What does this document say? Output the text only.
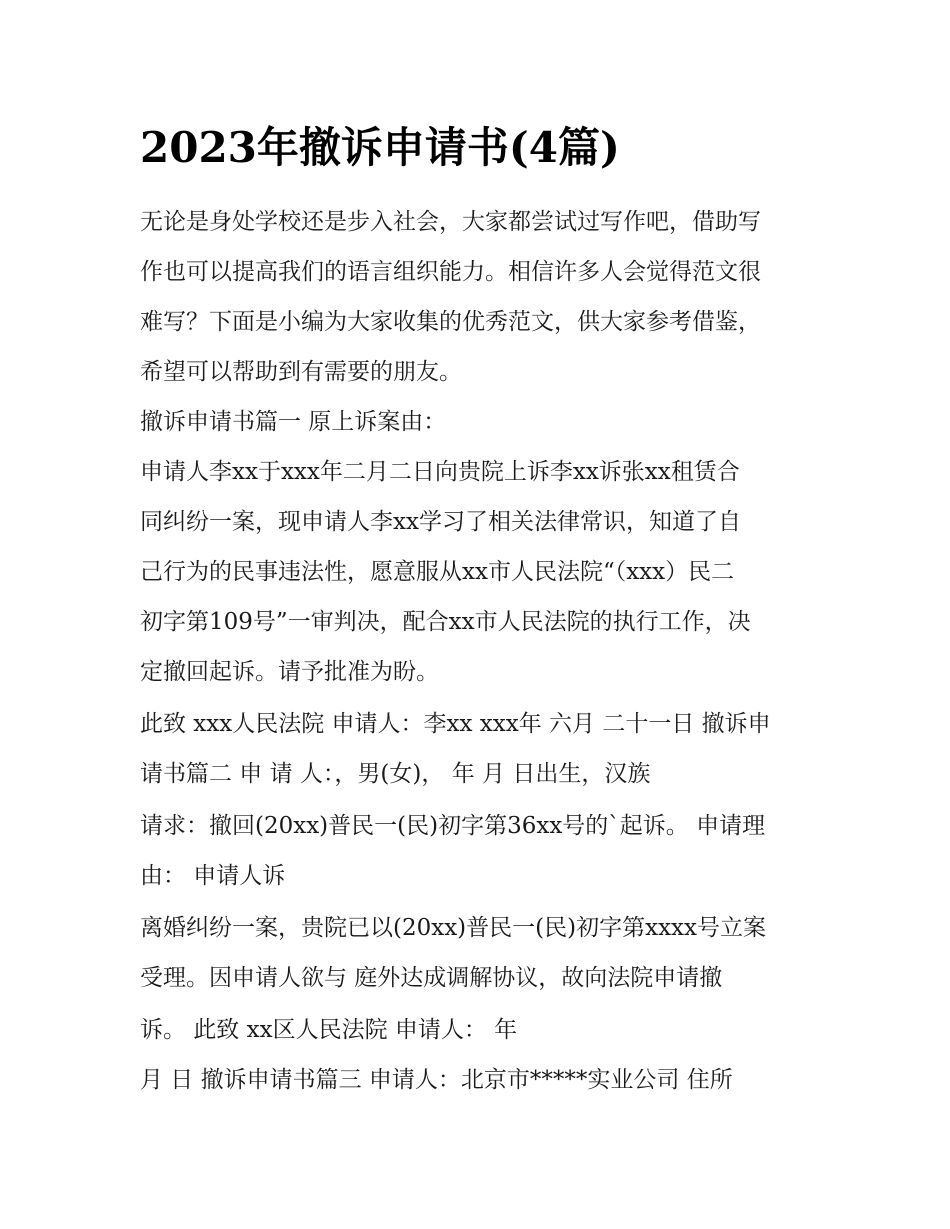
2023年撤诉申请书(4篇)
无论是身处学校还是步入社会，大家都尝试过写作吧，借助写
作也可以提高我们的语言组织能力。相信许多人会觉得范文很
难写？下面是小编为大家收集的优秀范文，供大家参考借鉴，
希望可以帮助到有需要的朋友。
撤诉申请书篇一 原上诉案由：
申请人李xx于xxx年二月二日向贵院上诉李xx诉张xx租赁合
同纠纷一案，现申请人李xx学习了相关法律常识，知道了自
己行为的民事违法性，愿意服从xx市人民法院“（xxx）民二
初字第109号”一审判决，配合xx市人民法院的执行工作，决
定撤回起诉。请予批准为盼。
此致 xxx人民法院 申请人：李xx xxx年 六月 二十一日 撤诉申
请书篇二 申 请 人：，男(女)， 年 月 日出生，汉族
请求：撤回(20xx)普民一(民)初字第36xx号的`起诉。 申请理
由： 申请人诉
离婚纠纷一案，贵院已以(20xx)普民一(民)初字第xxxx号立案
受理。因申请人欲与 庭外达成调解协议，故向法院申请撤
诉。 此致 xx区人民法院 申请人： 年
月 日 撤诉申请书篇三 申请人：北京市*****实业公司 住所
